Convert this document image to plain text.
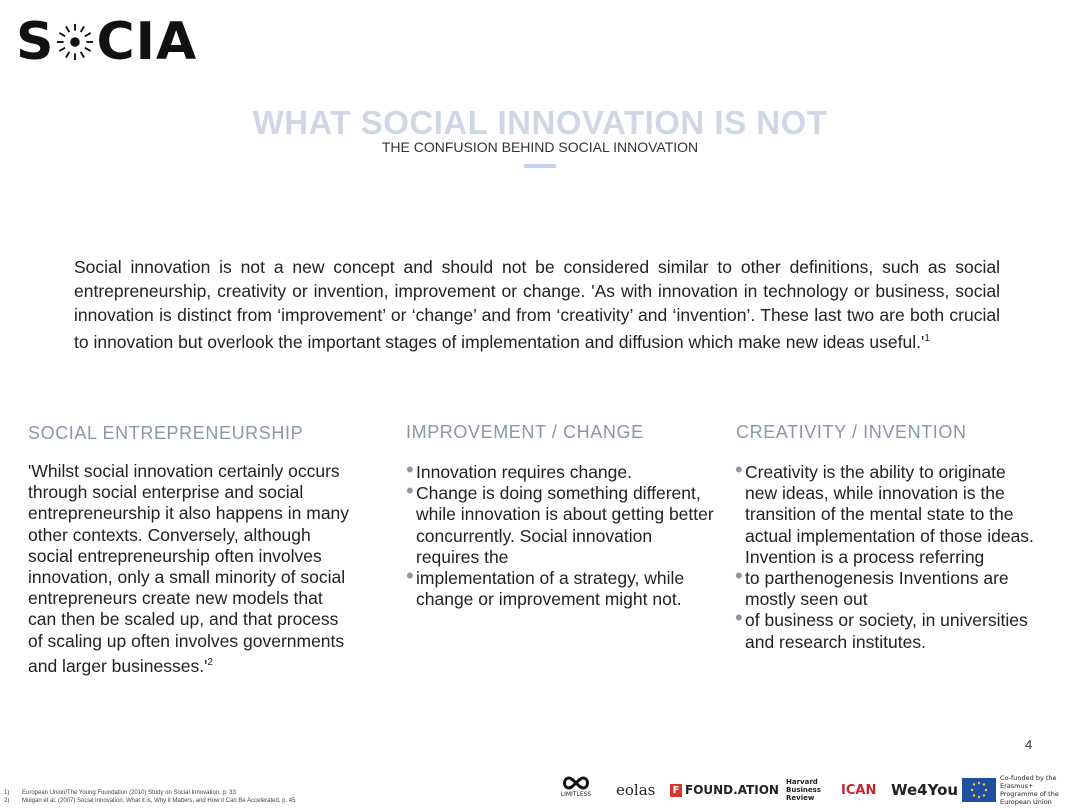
S CIA
WHAT SOCIAL INNOVATION IS NOT
THE CONFUSION BEHIND SOCIAL INNOVATION
Social innovation is not a new concept and should not be considered similar to other definitions, such as social entrepreneurship, creativity or invention, improvement or change. 'As with innovation in technology or business, social innovation is distinct from ‘improvement’ or ‘change’ and from ‘creativity’ and ‘invention’. These last two are both crucial to innovation but overlook the important stages of implementation and diffusion which make new ideas $useful.'^1$
SOCIAL ENTREPRENEURSHIP
'Whilst social innovation certainly occurs through social enterprise and social entrepreneurship it also happens in many other contexts. Conversely, although social entrepreneurship often involves innovation, only a small minority of social entrepreneurs create new models that can then be scaled up, and that process of scaling up often involves governments and larger $businesses.'^2$
IMPROVEMENT / CHANGE
• Innovation requires change.
• Change is doing something different, while innovation is about getting better concurrently. Social innovation requires the
• implementation of a strategy, while change or improvement might not.
CREATIVITY / INVENTION
• Creativity is the ability to originate new ideas, while innovation is the transition of the mental state to the actual implementation of those ideas. Invention is a process referring
• to parthenogenesis Inventions are mostly seen out
• of business or society, in universities and research institutes.
4
1) European Union/The Young Foundation (2010) Study on Social Innovation, p. 33
2) Mulgan et al. (2007) Social Innovation, What it is, Why it Matters, and How it Can Be Accelerated, p. 45
LIMITLESS eolas F FOUND.ATION
Harvard Business Review
ICAN We4You
Co-funded by the Erasmus+ Programme of the European Union
